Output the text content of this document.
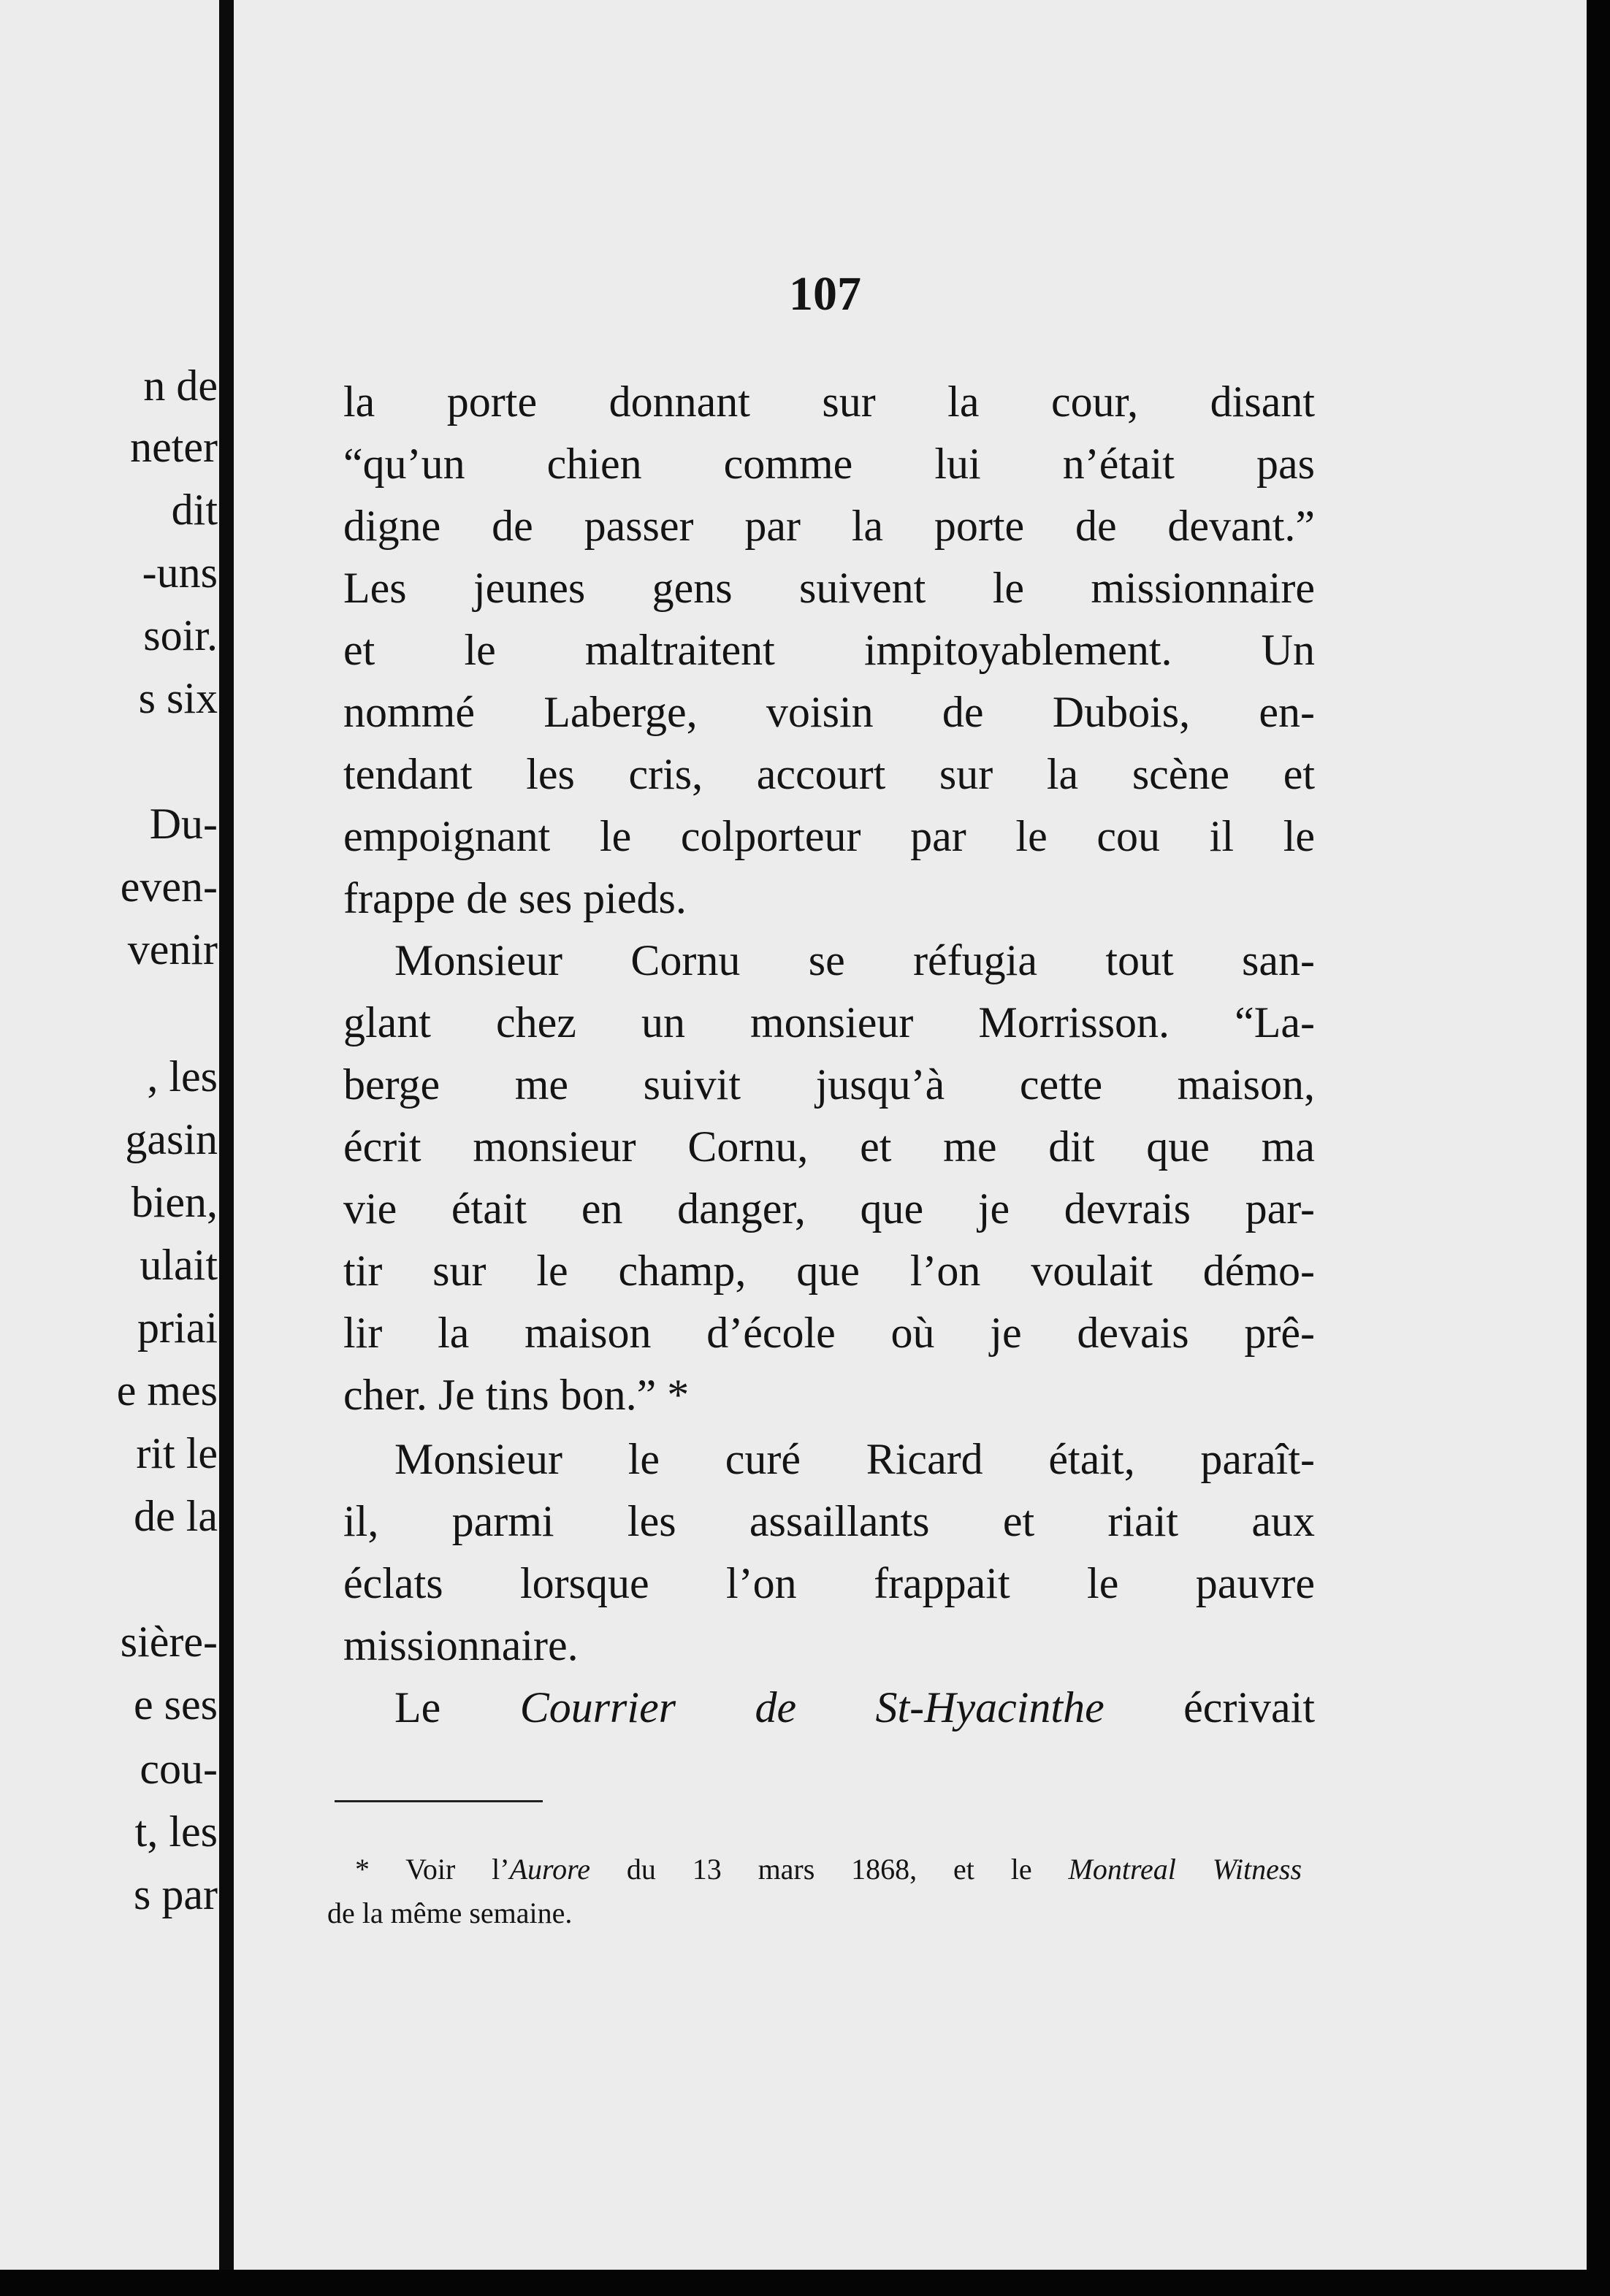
n de
neter
dit
-uns
soir.
s six
Du-
even-
venir
, les
gasin
bien,
ulait
priai
e mes
rit le
de la
sière-
e ses
cou-
t, les
s par
107
la porte donnant sur la cour, disant
“qu’un chien comme lui n’était pas
digne de passer par la porte de devant.”
Les jeunes gens suivent le missionnaire
et le maltraitent impitoyablement. Un
nommé Laberge, voisin de Dubois, en-
tendant les cris, accourt sur la scène et
empoignant le colporteur par le cou il le
frappe de ses pieds.
Monsieur Cornu se réfugia tout san-
glant chez un monsieur Morrisson. “La-
berge me suivit jusqu’à cette maison,
écrit monsieur Cornu, et me dit que ma
vie était en danger, que je devrais par-
tir sur le champ, que l’on voulait démo-
lir la maison d’école où je devais prê-
cher. Je tins bon.” *
Monsieur le curé Ricard était, paraît-
il, parmi les assaillants et riait aux
éclats lorsque l’on frappait le pauvre
missionnaire.
Le Courrier de St-Hyacinthe écrivait
* Voir l’Aurore du 13 mars 1868, et le Montreal Witness
de la même semaine.
